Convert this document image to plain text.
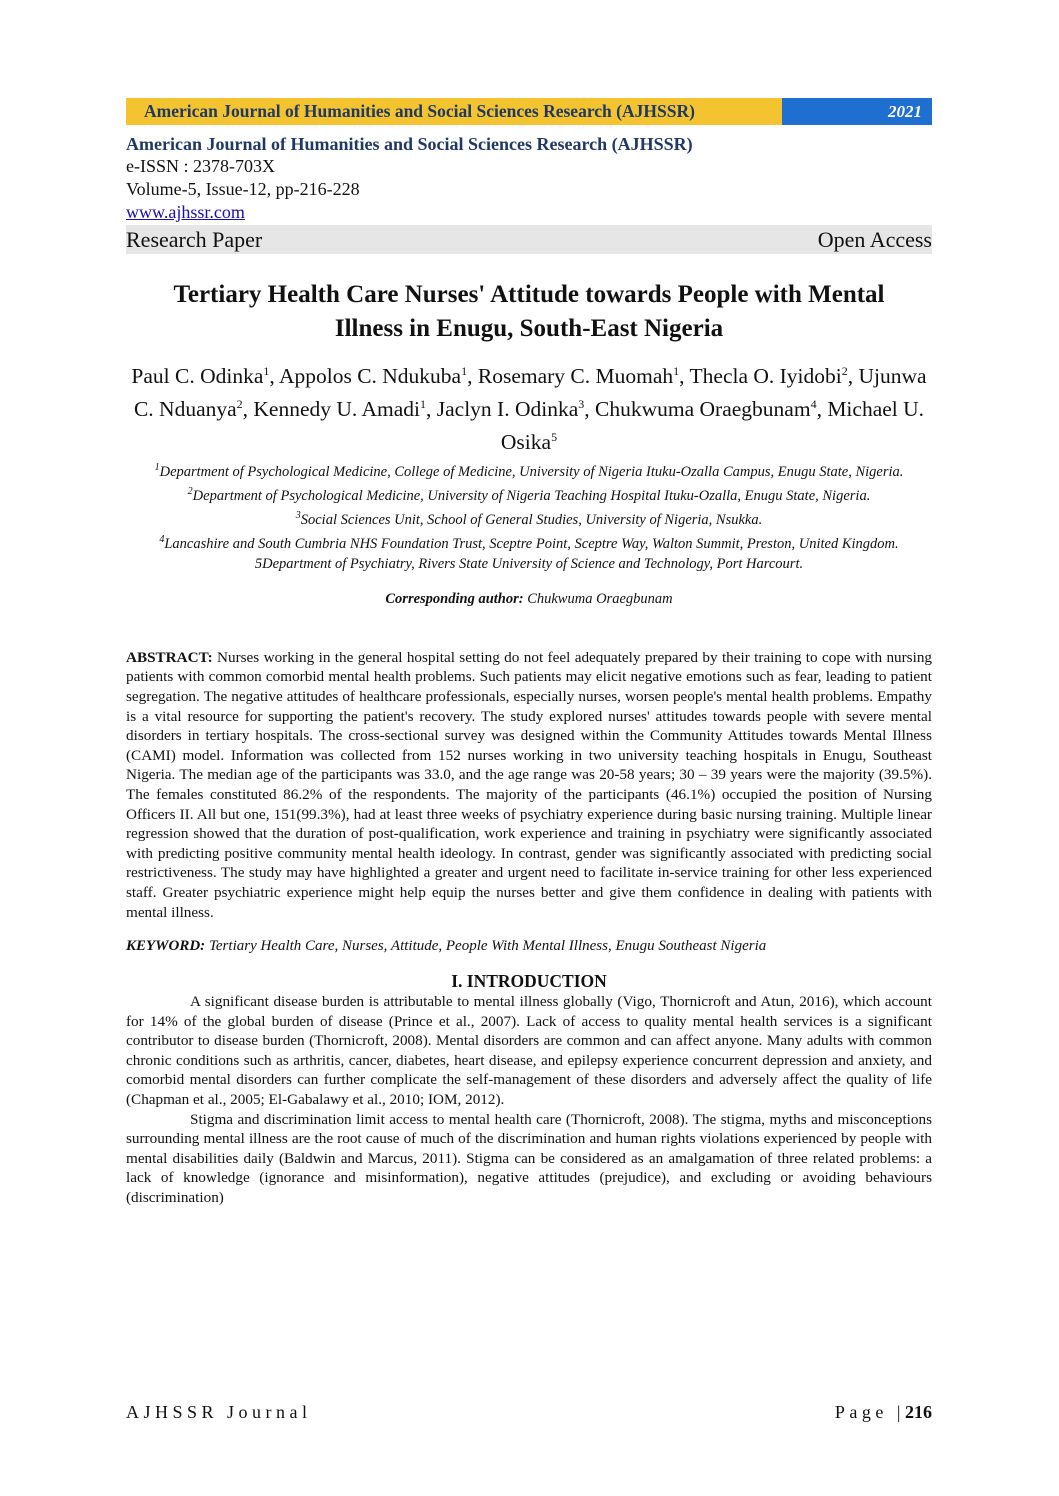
American Journal of Humanities and Social Sciences Research (AJHSSR)	2021
American Journal of Humanities and Social Sciences Research (AJHSSR)
e-ISSN : 2378-703X
Volume-5, Issue-12, pp-216-228
www.ajhssr.com
Research Paper	Open Access
Tertiary Health Care Nurses' Attitude towards People with Mental Illness in Enugu, South-East Nigeria
Paul C. Odinka$^1$, Appolos C. Ndukuba$^1$, Rosemary C. Muomah$^1$, Thecla O. Iyidobi$^2$, Ujunwa C. Nduanya$^2$, Kennedy U. Amadi$^1$, Jaclyn I. Odinka$^3$, Chukwuma Oraegbunam$^4$, Michael U. Osika$^5$
$^1$Department of Psychological Medicine, College of Medicine, University of Nigeria Ituku-Ozalla Campus, Enugu State, Nigeria.
$^2$Department of Psychological Medicine, University of Nigeria Teaching Hospital Ituku-Ozalla, Enugu State, Nigeria.
$^3$Social Sciences Unit, School of General Studies, University of Nigeria, Nsukka.
$^4$Lancashire and South Cumbria NHS Foundation Trust, Sceptre Point, Sceptre Way, Walton Summit, Preston, United Kingdom.
5Department of Psychiatry, Rivers State University of Science and Technology, Port Harcourt.
Corresponding author: Chukwuma Oraegbunam
ABSTRACT: Nurses working in the general hospital setting do not feel adequately prepared by their training to cope with nursing patients with common comorbid mental health problems. Such patients may elicit negative emotions such as fear, leading to patient segregation. The negative attitudes of healthcare professionals, especially nurses, worsen people's mental health problems. Empathy is a vital resource for supporting the patient's recovery. The study explored nurses' attitudes towards people with severe mental disorders in tertiary hospitals. The cross-sectional survey was designed within the Community Attitudes towards Mental Illness (CAMI) model. Information was collected from 152 nurses working in two university teaching hospitals in Enugu, Southeast Nigeria. The median age of the participants was 33.0, and the age range was 20-58 years; 30 – 39 years were the majority (39.5%). The females constituted 86.2% of the respondents. The majority of the participants (46.1%) occupied the position of Nursing Officers II. All but one, 151(99.3%), had at least three weeks of psychiatry experience during basic nursing training. Multiple linear regression showed that the duration of post-qualification, work experience and training in psychiatry were significantly associated with predicting positive community mental health ideology. In contrast, gender was significantly associated with predicting social restrictiveness. The study may have highlighted a greater and urgent need to facilitate in-service training for other less experienced staff. Greater psychiatric experience might help equip the nurses better and give them confidence in dealing with patients with mental illness.
KEYWORD: Tertiary Health Care, Nurses, Attitude, People With Mental Illness, Enugu Southeast Nigeria
I. INTRODUCTION
A significant disease burden is attributable to mental illness globally (Vigo, Thornicroft and Atun, 2016), which account for 14% of the global burden of disease (Prince et al., 2007). Lack of access to quality mental health services is a significant contributor to disease burden (Thornicroft, 2008). Mental disorders are common and can affect anyone. Many adults with common chronic conditions such as arthritis, cancer, diabetes, heart disease, and epilepsy experience concurrent depression and anxiety, and comorbid mental disorders can further complicate the self-management of these disorders and adversely affect the quality of life (Chapman et al., 2005; El-Gabalawy et al., 2010; IOM, 2012).
Stigma and discrimination limit access to mental health care (Thornicroft, 2008). The stigma, myths and misconceptions surrounding mental illness are the root cause of much of the discrimination and human rights violations experienced by people with mental disabilities daily (Baldwin and Marcus, 2011). Stigma can be considered as an amalgamation of three related problems: a lack of knowledge (ignorance and misinformation), negative attitudes (prejudice), and excluding or avoiding behaviours (discrimination)
AJHSSR Journal	Page |216
